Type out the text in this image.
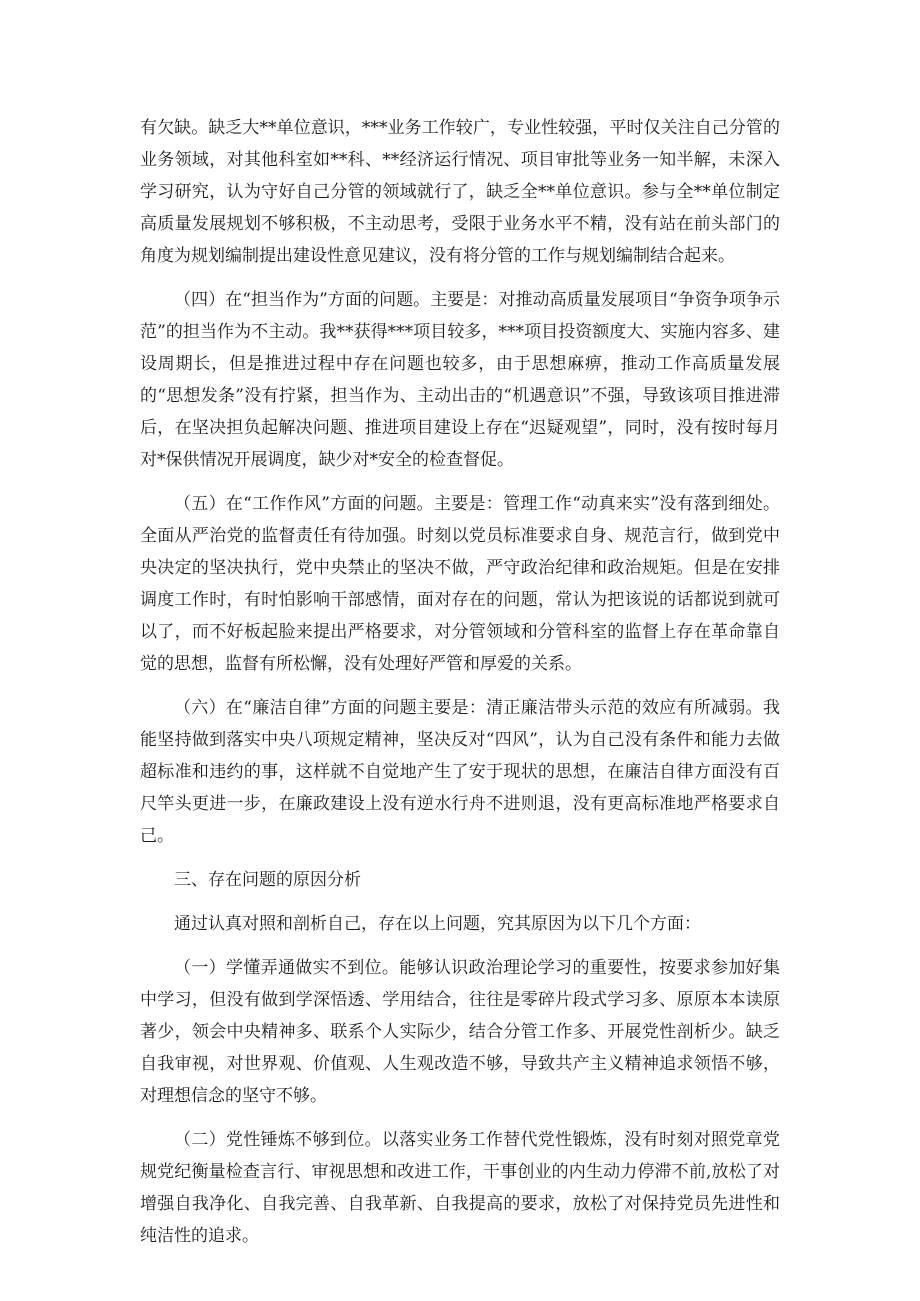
有欠缺。缺乏大**单位意识，***业务工作较广，专业性较强，平时仅关注自己分管的业务领域，对其他科室如**科、**经济运行情况、项目审批等业务一知半解，未深入学习研究，认为守好自己分管的领域就行了，缺乏全**单位意识。参与全**单位制定高质量发展规划不够积极，不主动思考，受限于业务水平不精，没有站在前头部门的角度为规划编制提出建设性意见建议，没有将分管的工作与规划编制结合起来。

（四）在“担当作为”方面的问题。主要是：对推动高质量发展项目“争资争项争示范”的担当作为不主动。我**获得***项目较多，***项目投资额度大、实施内容多、建设周期长，但是推进过程中存在问题也较多，由于思想麻痹，推动工作高质量发展的“思想发条”没有拧紧，担当作为、主动出击的“机遇意识”不强，导致该项目推进滞后，在坚决担负起解决问题、推进项目建设上存在“迟疑观望”，同时，没有按时每月对*保供情况开展调度，缺少对*安全的检查督促。

（五）在“工作作风”方面的问题。主要是：管理工作“动真来实”没有落到细处。全面从严治党的监督责任有待加强。时刻以党员标准要求自身、规范言行，做到党中央决定的坚决执行，党中央禁止的坚决不做，严守政治纪律和政治规矩。但是在安排调度工作时，有时怕影响干部感情，面对存在的问题，常认为把该说的话都说到就可以了，而不好板起脸来提出严格要求，对分管领域和分管科室的监督上存在革命靠自觉的思想，监督有所松懈，没有处理好严管和厚爱的关系。

（六）在“廉洁自律”方面的问题主要是：清正廉洁带头示范的效应有所减弱。我能坚持做到落实中央八项规定精神，坚决反对“四风”，认为自己没有条件和能力去做超标准和违约的事，这样就不自觉地产生了安于现状的思想，在廉洁自律方面没有百尺竿头更进一步，在廉政建设上没有逆水行舟不进则退，没有更高标准地严格要求自己。

三、存在问题的原因分析

通过认真对照和剖析自己，存在以上问题，究其原因为以下几个方面：

（一）学懂弄通做实不到位。能够认识政治理论学习的重要性，按要求参加好集中学习，但没有做到学深悟透、学用结合，往往是零碎片段式学习多、原原本本读原著少，领会中央精神多、联系个人实际少，结合分管工作多、开展党性剖析少。缺乏自我审视，对世界观、价值观、人生观改造不够，导致共产主义精神追求领悟不够，对理想信念的坚守不够。

（二）党性锤炼不够到位。以落实业务工作替代党性锻炼，没有时刻对照党章党规党纪衡量检查言行、审视思想和改进工作，干事创业的内生动力停滞不前,放松了对增强自我净化、自我完善、自我革新、自我提高的要求，放松了对保持党员先进性和纯洁性的追求。
